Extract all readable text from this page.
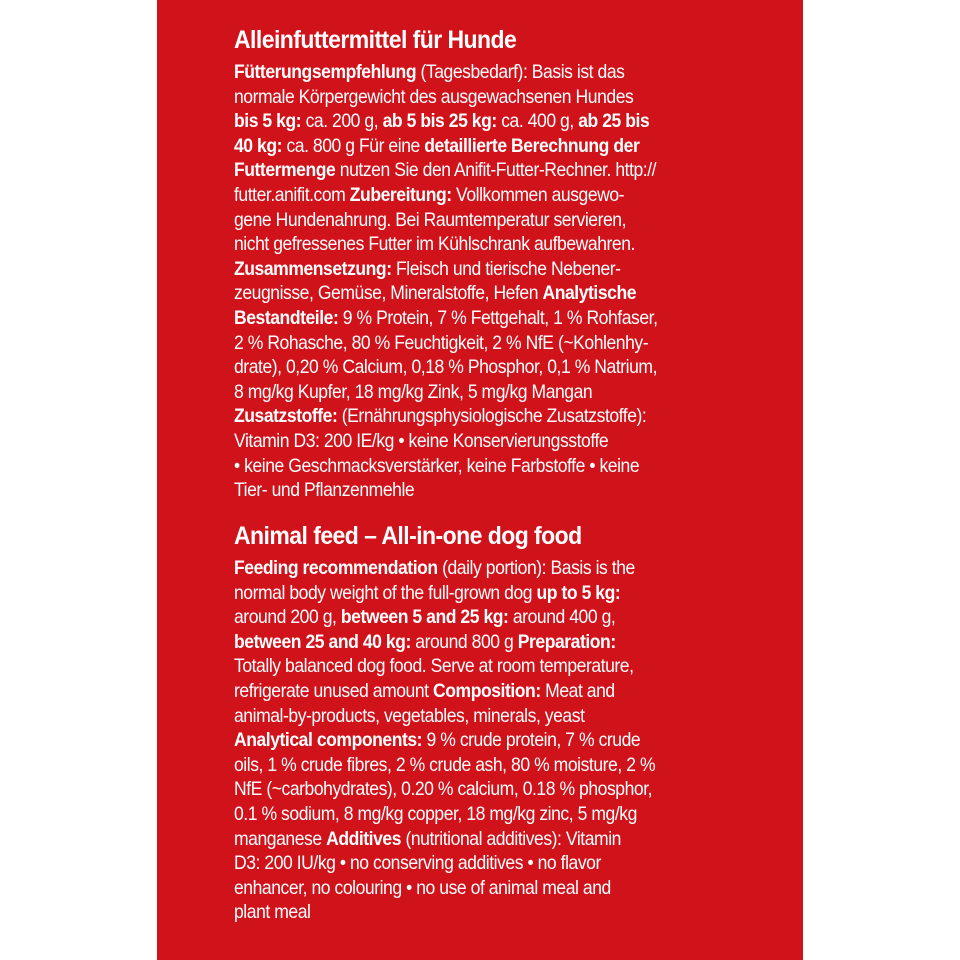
Alleinfuttermittel für Hunde
Fütterungsempfehlung (Tagesbedarf): Basis ist das
normale Körpergewicht des ausgewachsenen Hundes
bis 5 kg: ca. 200 g, ab 5 bis 25 kg: ca. 400 g, ab 25 bis
40 kg: ca. 800 g Für eine detaillierte Berechnung der
Futtermenge nutzen Sie den Anifit-Futter-Rechner. http://
futter.anifit.com Zubereitung: Vollkommen ausgewo-
gene Hundenahrung. Bei Raumtemperatur servieren,
nicht gefressenes Futter im Kühlschrank aufbewahren.
Zusammensetzung: Fleisch und tierische Nebener-
zeugnisse, Gemüse, Mineralstoffe, Hefen Analytische
Bestandteile: 9 % Protein, 7 % Fettgehalt, 1 % Rohfaser,
2 % Rohasche, 80 % Feuchtigkeit, 2 % NfE (~Kohlenhy-
drate), 0,20 % Calcium, 0,18 % Phosphor, 0,1 % Natrium,
8 mg/kg Kupfer, 18 mg/kg Zink, 5 mg/kg Mangan
Zusatzstoffe: (Ernährungsphysiologische Zusatzstoffe):
Vitamin D3: 200 IE/kg • keine Konservierungsstoffe
• keine Geschmacksverstärker, keine Farbstoffe • keine
Tier- und Pflanzenmehle
Animal feed – All-in-one dog food
Feeding recommendation (daily portion): Basis is the
normal body weight of the full-grown dog up to 5 kg:
around 200 g, between 5 and 25 kg: around 400 g,
between 25 and 40 kg: around 800 g Preparation:
Totally balanced dog food. Serve at room temperature,
refrigerate unused amount Composition: Meat and
animal-by-products, vegetables, minerals, yeast
Analytical components: 9 % crude protein, 7 % crude
oils, 1 % crude fibres, 2 % crude ash, 80 % moisture, 2 %
NfE (~carbohydrates), 0.20 % calcium, 0.18 % phosphor,
0.1 % sodium, 8 mg/kg copper, 18 mg/kg zinc, 5 mg/kg
manganese Additives (nutritional additives): Vitamin
D3: 200 IU/kg • no conserving additives • no flavor
enhancer, no colouring • no use of animal meal and
plant meal
